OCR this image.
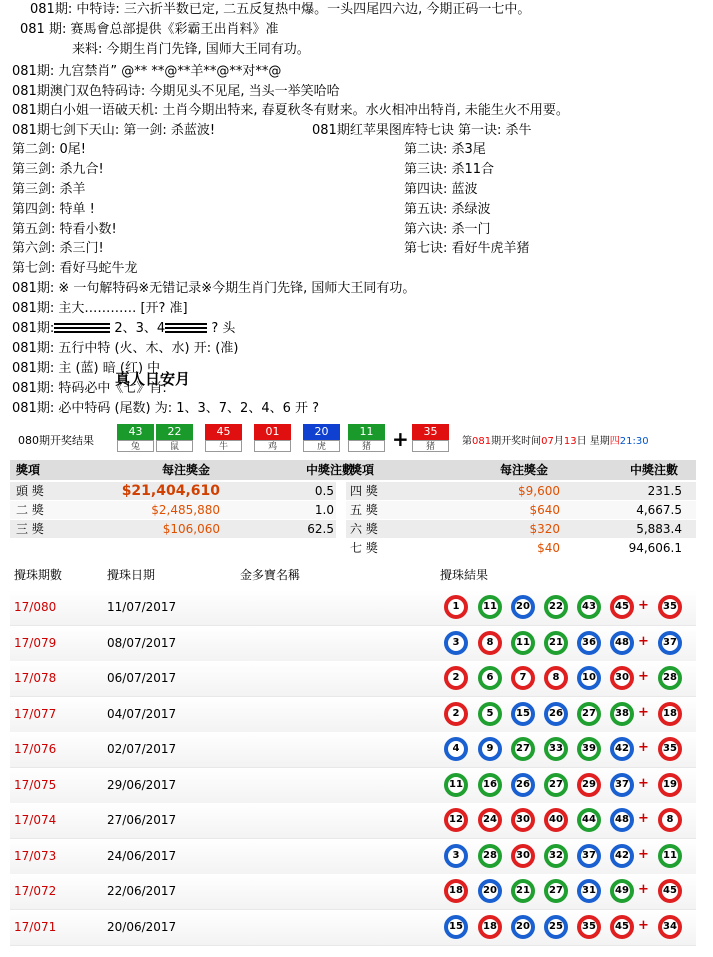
081期: 中特诗: 三六折半数已定, 二五反复热中爆。一头四尾四六边, 今期正码一七中。
081 期: 赛馬會总部提供《彩霸王出肖料》准
来料: 今期生肖门先锋, 国师大王同有功。
081期: 九宫禁肖” @** **@**羊**@**对**@
081期澳门双色特码诗: 今期见头不见尾, 当头一举笑哈哈
081期白小姐一语破天机: 土肖今期出特来, 春夏秋冬有财来。水火相冲出特肖, 未能生火不用要。
081期七剑下天山: 第一剑: 杀蓝波!
第二剑: 0尾!
第三剑: 杀九合!
第三剑: 杀羊
第四剑: 特单 !
第五剑: 特看小数!
第六剑: 杀三门!
第七剑: 看好马蛇牛龙
081期: ※ 一句解特码※无错记录※今期生肖门先锋, 国师大王同有功。
081期: 主大………… [开? 准]
081期: 五行中特 (火、木、水) 开: (准)
081期: 主 (蓝) 暗 (红) 中
081期: 特码必中《七》肖:
081期: 必中特码 (尾数) 为: 1、3、7、2、4、6 开 ?
081期红苹果图库特七诀 第一诀: 杀牛
第二诀: 杀3尾
第三诀: 杀11合
第四诀: 蓝波
第五诀: 杀绿波
第六诀: 杀一门
第七诀: 看好牛虎羊猪
081期:	2、3、4	? 头
真人日安月
080期开奖结果
43
兔
22
鼠
45
牛
01
鸡
20
虎
11
猪
35
猪
+	第081期开奖时间07月13日 星期四21:30
獎項	每注獎金	中獎注數
獎項	每注獎金	中獎注數
頭 獎	$21,404,610	0.5
二 獎	$2,485,880	1.0
三 獎	$106,060	62.5
四 獎	$9,600	231.5
五 獎	$640	4,667.5
六 獎	$320	5,883.4
七 獎	$40	94,606.1
攪珠期數	攪珠日期	金多寶名稱	攪珠結果
17/080	11/07/2017	1	11	20	22	43	45 +	35
17/079	08/07/2017	3	8	11	21	36	48 +	37
17/078	06/07/2017	2	6	7	8	10	30 +	28
17/077	04/07/2017	2	5	15	26	27	38 +	18
17/076	02/07/2017	4	9	27	33	39	42 +	35
17/075	29/06/2017	11	16	26	27	29	37 +	19
17/074	27/06/2017	12	24	30	40	44	48 +	8
17/073	24/06/2017	3	28	30	32	37	42 +	11
17/072	22/06/2017	18	20	21	27	31	49 +	45
17/071	20/06/2017	15	18	20	25	35	45 +	34
